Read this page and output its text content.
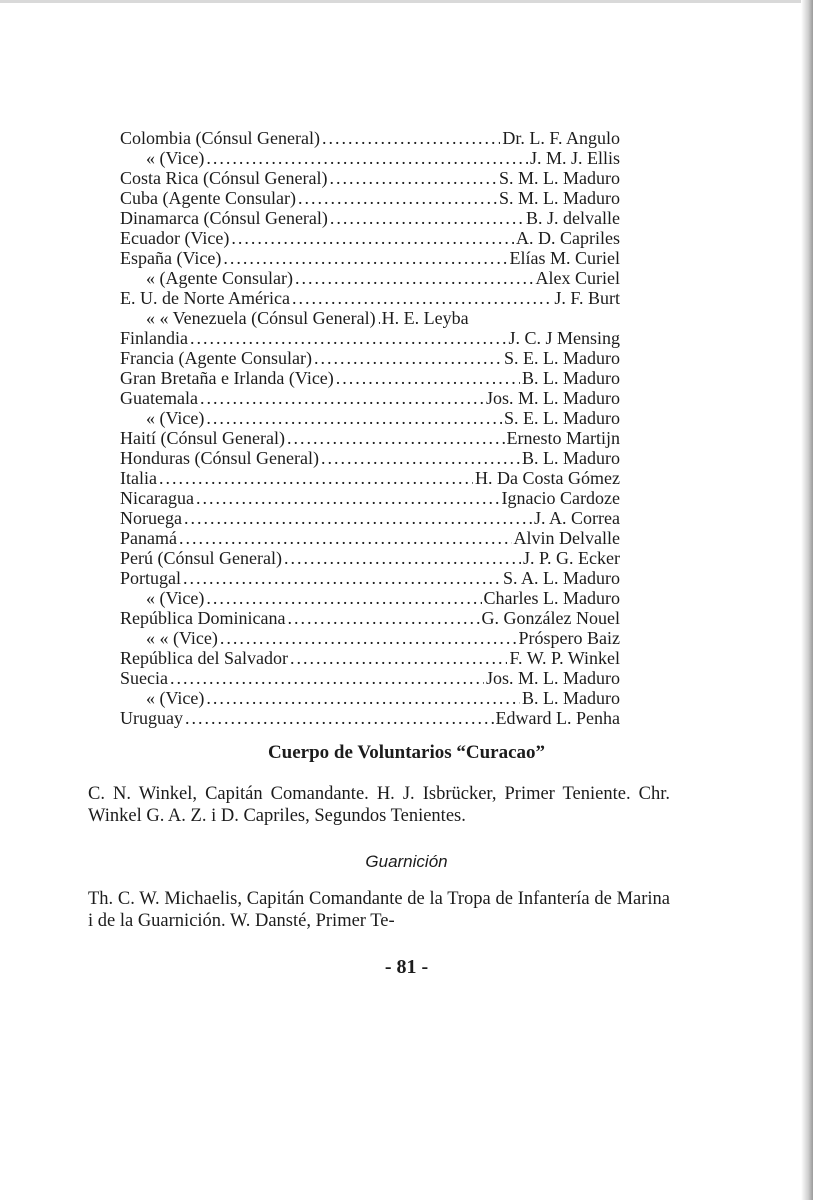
Colombia (Cónsul General) .....	Dr. L. F. Angulo
« (Vice) .....	J. M. J. Ellis
Costa Rica (Cónsul General) .....	S. M. L. Maduro
Cuba (Agente Consular) .....	S. M. L. Maduro
Dinamarca (Cónsul General) .....	B. J. delvalle
Ecuador (Vice) .....	A. D. Capriles
España (Vice) .....	Elías M. Curiel
« (Agente Consular) .....	Alex Curiel
E. U. de Norte América .....	J. F. Burt
« « Venezuela (Cónsul General) ..... H. E. Leyba
Finlandia .....	J. C. J Mensing
Francia (Agente Consular) .....	S. E. L. Maduro
Gran Bretaña e Irlanda (Vice) .....	B. L. Maduro
Guatemala .....	Jos. M. L. Maduro
« (Vice) .....	S. E. L. Maduro
Haití (Cónsul General) .....	Ernesto Martijn
Honduras (Cónsul General) .....	B. L. Maduro
Italia .....	H. Da Costa Gómez
Nicaragua .....	Ignacio Cardoze
Noruega .....	J. A. Correa
Panamá .....	Alvin Delvalle
Perú (Cónsul General) .....	J. P. G. Ecker
Portugal .....	S. A. L. Maduro
« (Vice) .....	Charles L. Maduro
República Dominicana .....	G. González Nouel
« « (Vice) .....	Próspero Baiz
República del Salvador .....	F. W. P. Winkel
Suecia .....	Jos. M. L. Maduro
« (Vice) .....	B. L. Maduro
Uruguay .....	Edward L. Penha
Cuerpo de Voluntarios “Curacao”
C. N. Winkel, Capitán Comandante. H. J. Isbrücker, Primer Teniente. Chr. Winkel G. A. Z. i D. Capriles, Segundos Tenientes.
Guarnición
Th. C. W. Michaelis, Capitán Comandante de la Tropa de Infantería de Marina i de la Guarnición. W. Dansté, Primer Te-
- 81 -
